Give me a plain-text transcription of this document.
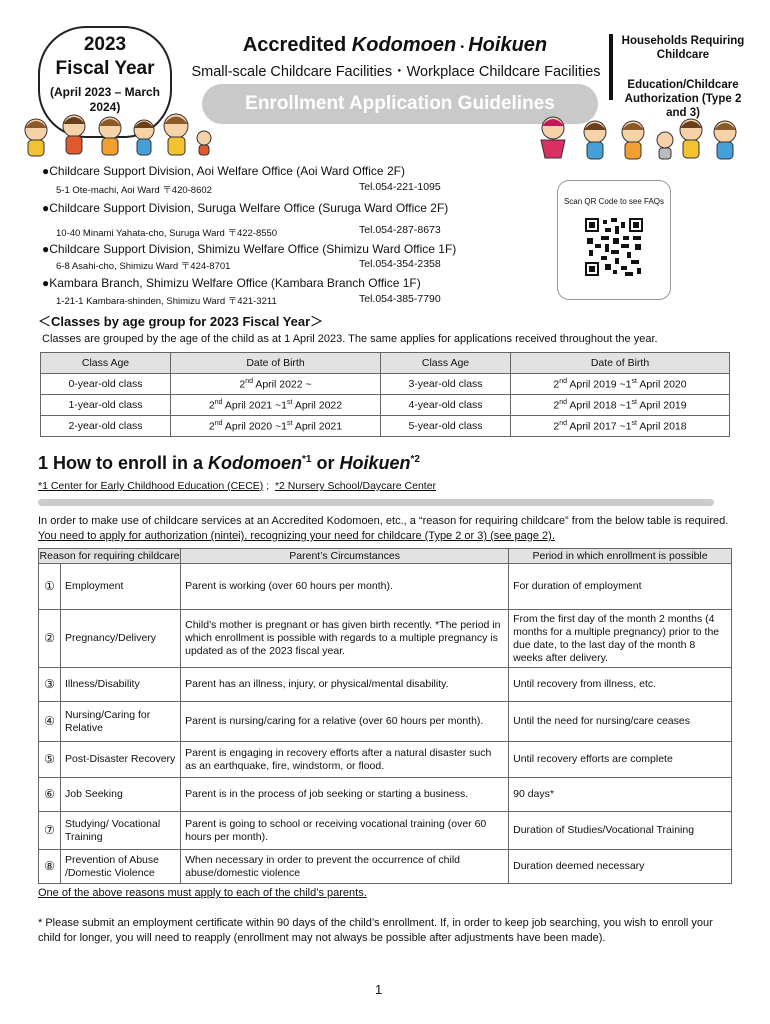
2023
Fiscal Year
(April 2023 – March 2024)
Accredited Kodomoen・Hoikuen
Small-scale Childcare Facilities・Workplace Childcare Facilities
Enrollment Application Guidelines
Households Requiring Childcare
Education/Childcare Authorization (Type 2 and 3)
●Childcare Support Division, Aoi Welfare Office (Aoi Ward Office 2F)
5-1 Ote-machi, Aoi Ward 〒420-8602	Tel.054-221-1095
●Childcare Support Division, Suruga Welfare Office (Suruga Ward Office 2F)
10-40 Minami Yahata-cho, Suruga Ward 〒422-8550	Tel.054-287-8673
●Childcare Support Division, Shimizu Welfare Office (Shimizu Ward Office 1F)
6-8 Asahi-cho, Shimizu Ward 〒424-8701	Tel.054-354-2358
●Kambara Branch, Shimizu Welfare Office (Kambara Branch Office 1F)
1-21-1 Kambara-shinden, Shimizu Ward 〒421-3211	Tel.054-385-7790
Scan QR Code to see FAQs
＜Classes by age group for 2023 Fiscal Year＞
Classes are grouped by the age of the child as at 1 April 2023. The same applies for applications received throughout the year.
Class Age	Date of Birth	Class Age	Date of Birth
0-year-old class	2nd April 2022 ~	3-year-old class	2nd April 2019 ~1st April 2020
1-year-old class	2nd April 2021 ~1st April 2022	4-year-old class	2nd April 2018 ~1st April 2019
2-year-old class	2nd April 2020 ~1st April 2021	5-year-old class	2nd April 2017 ~1st April 2018
1 How to enroll in a Kodomoen$^{*1}$ or Hoikuen$^{*2}$
*1 Center for Early Childhood Education (CECE) ;  *2 Nursery School/Daycare Center
In order to make use of childcare services at an Accredited Kodomoen, etc., a “reason for requiring childcare” from the below table is required.
You need to apply for authorization (nintei), recognizing your need for childcare (Type 2 or 3) (see page 2).
Reason for requiring childcare		Parent’s Circumstances	Period in which enrollment is possible
①	Employment	Parent is working (over 60 hours per month).	For duration of employment
②	Pregnancy/Delivery	Child’s mother is pregnant or has given birth recently. *The period in which enrollment is possible with regards to a multiple pregnancy is updated as of the 2023 fiscal year.	From the first day of the month 2 months (4 months for a multiple pregnancy) prior to the due date, to the last day of the month 8 weeks after delivery.
③	Illness/Disability	Parent has an illness, injury, or physical/mental disability.	Until recovery from illness, etc.
④	Nursing/Caring for Relative	Parent is nursing/caring for a relative (over 60 hours per month).	Until the need for nursing/care ceases
⑤	Post-Disaster Recovery	Parent is engaging in recovery efforts after a natural disaster such as an earthquake, fire, windstorm, or flood.	Until recovery efforts are complete
⑥	Job Seeking	Parent is in the process of job seeking or starting a business.	90 days*
⑦	Studying/ Vocational Training	Parent is going to school or receiving vocational training (over 60 hours per month).	Duration of Studies/Vocational Training
⑧	Prevention of Abuse /Domestic Violence	When necessary in order to prevent the occurrence of child abuse/domestic violence	Duration deemed necessary
One of the above reasons must apply to each of the child’s parents.
* Please submit an employment certificate within 90 days of the child’s enrollment. If, in order to keep job searching, you wish to enroll your child for longer, you will need to reapply (enrollment may not always be possible after adjustments have been made).
1
